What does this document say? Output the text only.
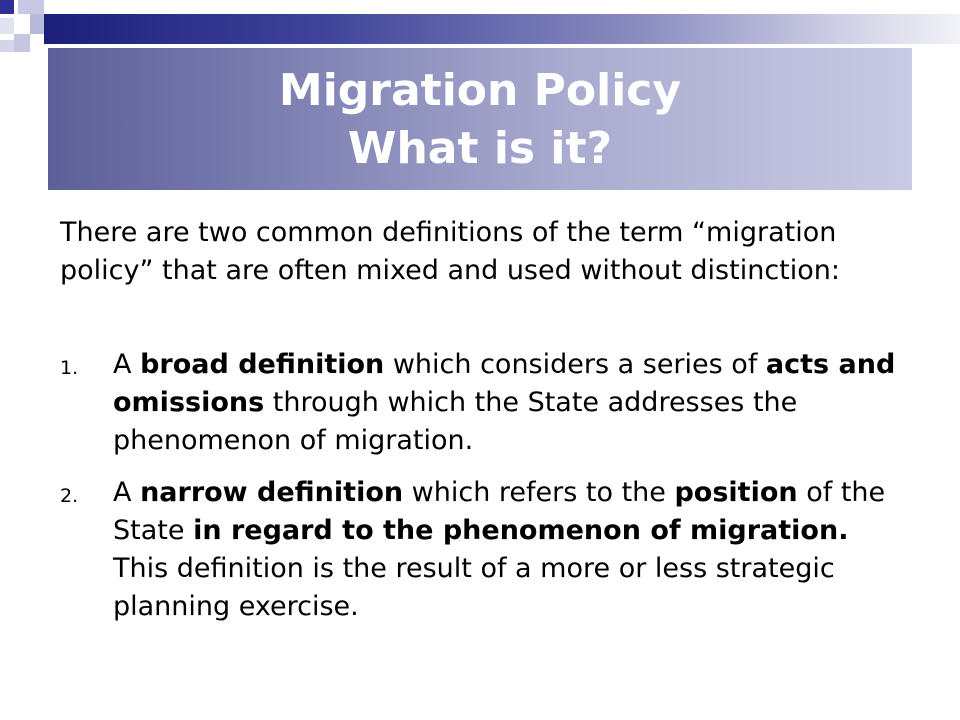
Migration Policy
What is it?

There are two common definitions of the term “migration policy” that are often mixed and used without distinction:

1. A broad definition which considers a series of acts and omissions through which the State addresses the phenomenon of migration.
2. A narrow definition which refers to the position of the State in regard to the phenomenon of migration.   This definition is the result of a more or less strategic planning exercise.
